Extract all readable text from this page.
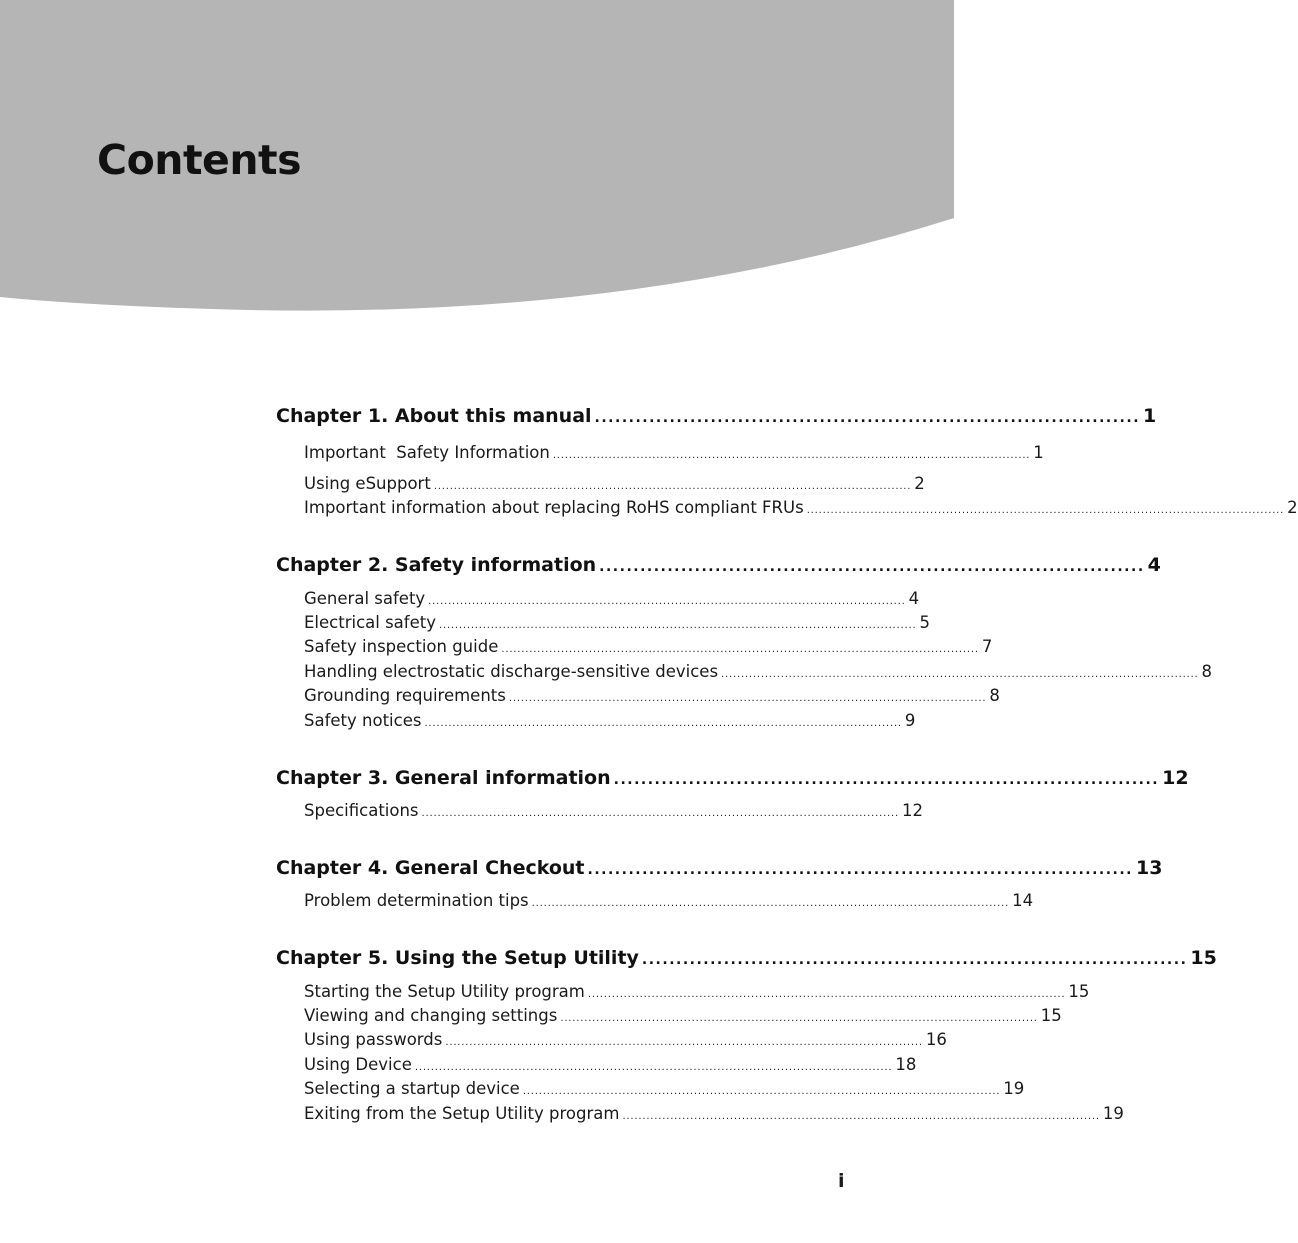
Contents
Chapter 1. About this manual ................................................................................ 1
Important  Safety Information ........................................................................................................................ 1
Using eSupport ........................................................................................................................ 2
Important information about replacing RoHS compliant FRUs ........................................................................................................................ 2
Chapter 2. Safety information ................................................................................ 4
General safety ........................................................................................................................ 4
Electrical safety ........................................................................................................................ 5
Safety inspection guide ........................................................................................................................ 7
Handling electrostatic discharge-sensitive devices ........................................................................................................................ 8
Grounding requirements ........................................................................................................................ 8
Safety notices ........................................................................................................................ 9
Chapter 3. General information ................................................................................ 12
Specifications ........................................................................................................................ 12
Chapter 4. General Checkout ................................................................................ 13
Problem determination tips ........................................................................................................................ 14
Chapter 5. Using the Setup Utility ................................................................................ 15
Starting the Setup Utility program ........................................................................................................................ 15
Viewing and changing settings ........................................................................................................................ 15
Using passwords ........................................................................................................................ 16
Using Device ........................................................................................................................ 18
Selecting a startup device ........................................................................................................................ 19
Exiting from the Setup Utility program ........................................................................................................................ 19
i
